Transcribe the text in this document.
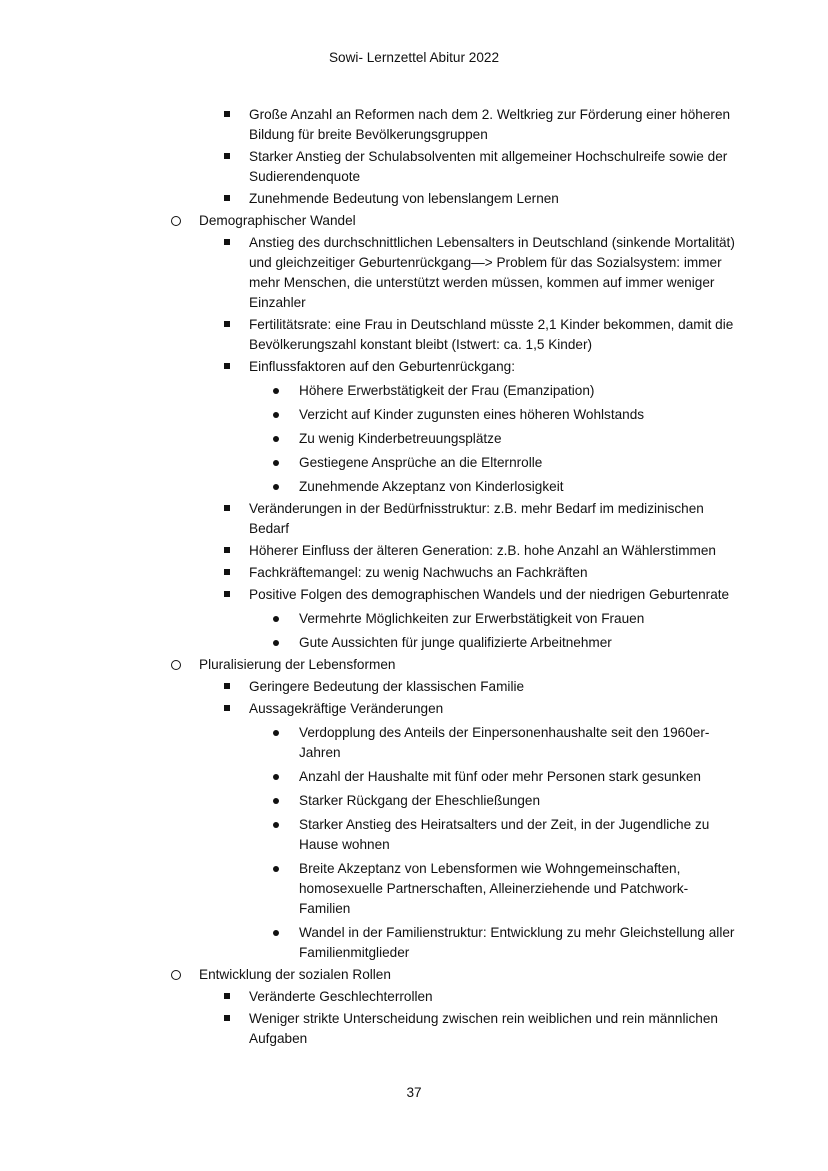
Sowi- Lernzettel Abitur 2022
Große Anzahl an Reformen nach dem 2. Weltkrieg zur Förderung einer höheren Bildung für breite Bevölkerungsgruppen
Starker Anstieg der Schulabsolventen mit allgemeiner Hochschulreife sowie der Sudierendenquote
Zunehmende Bedeutung von lebenslangem Lernen
Demographischer Wandel
Anstieg des durchschnittlichen Lebensalters in Deutschland (sinkende Mortalität) und gleichzeitiger Geburtenrückgang—> Problem für das Sozialsystem: immer mehr Menschen, die unterstützt werden müssen, kommen auf immer weniger Einzahler
Fertilitätsrate: eine Frau in Deutschland müsste 2,1 Kinder bekommen, damit die Bevölkerungszahl konstant bleibt (Istwert: ca. 1,5 Kinder)
Einflussfaktoren auf den Geburtenrückgang:
Höhere Erwerbstätigkeit der Frau (Emanzipation)
Verzicht auf Kinder zugunsten eines höheren Wohlstands
Zu wenig Kinderbetreuungsplätze
Gestiegene Ansprüche an die Elternrolle
Zunehmende Akzeptanz von Kinderlosigkeit
Veränderungen in der Bedürfnisstruktur: z.B. mehr Bedarf im medizinischen Bedarf
Höherer Einfluss der älteren Generation: z.B. hohe Anzahl an Wählerstimmen
Fachkräftemangel: zu wenig Nachwuchs an Fachkräften
Positive Folgen des demographischen Wandels und der niedrigen Geburtenrate
Vermehrte Möglichkeiten zur Erwerbstätigkeit von Frauen
Gute Aussichten für junge qualifizierte Arbeitnehmer
Pluralisierung der Lebensformen
Geringere Bedeutung der klassischen Familie
Aussagekräftige Veränderungen
Verdopplung des Anteils der Einpersonenhaushalte seit den 1960er-Jahren
Anzahl der Haushalte mit fünf oder mehr Personen stark gesunken
Starker Rückgang der Eheschließungen
Starker Anstieg des Heiratsalters und der Zeit, in der Jugendliche zu Hause wohnen
Breite Akzeptanz von Lebensformen wie Wohngemeinschaften, homosexuelle Partnerschaften, Alleinerziehende und Patchwork-Familien
Wandel in der Familienstruktur: Entwicklung zu mehr Gleichstellung aller Familienmitglieder
Entwicklung der sozialen Rollen
Veränderte Geschlechterrollen
Weniger strikte Unterscheidung zwischen rein weiblichen und rein männlichen Aufgaben
37
